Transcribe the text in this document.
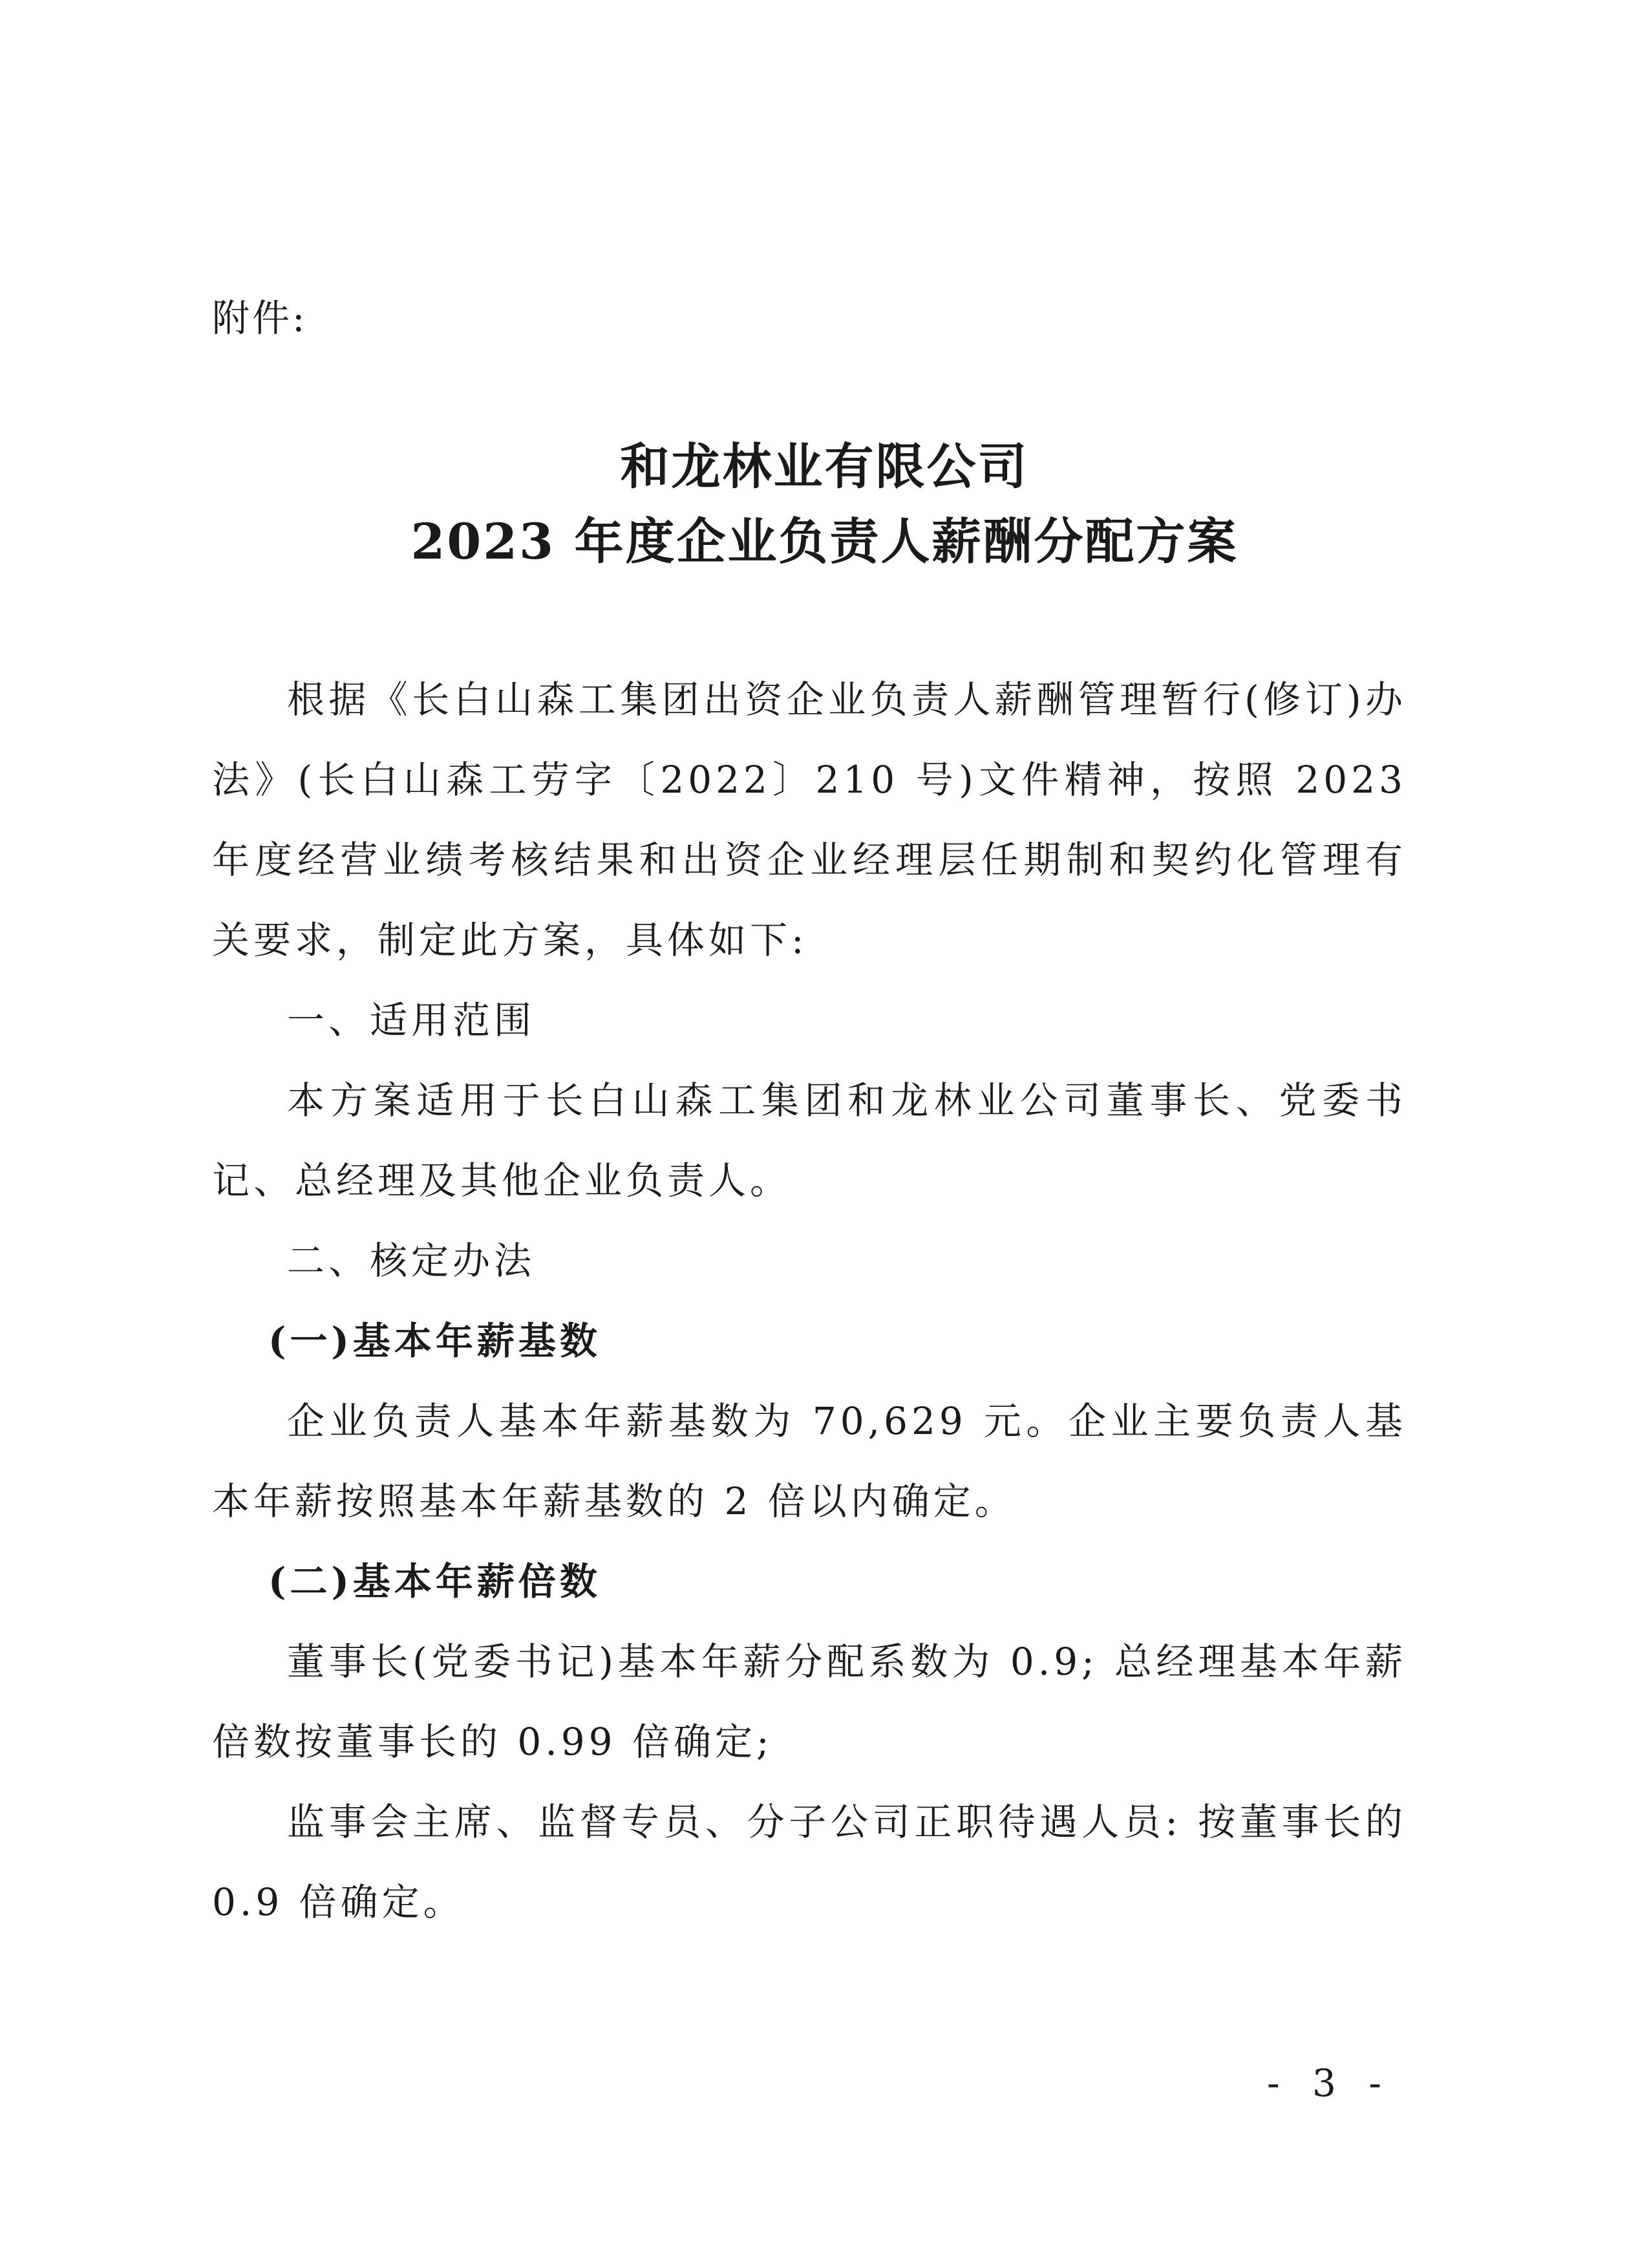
附件:
和龙林业有限公司
2023 年度企业负责人薪酬分配方案

根据《长白山森工集团出资企业负责人薪酬管理暂行(修订)办法》(长白山森工劳字〔2022〕210 号)文件精神，按照 2023 年度经营业绩考核结果和出资企业经理层任期制和契约化管理有关要求，制定此方案，具体如下:

一、适用范围

本方案适用于长白山森工集团和龙林业公司董事长、党委书记、总经理及其他企业负责人。

二、核定办法
(一)基本年薪基数

企业负责人基本年薪基数为 70,629 元。企业主要负责人基本年薪按照基本年薪基数的 2 倍以内确定。

(二)基本年薪倍数

董事长(党委书记)基本年薪分配系数为 0.9; 总经理基本年薪倍数按董事长的 0.99 倍确定;

监事会主席、监督专员、分子公司正职待遇人员: 按董事长的 0.9 倍确定。

- 3 -
